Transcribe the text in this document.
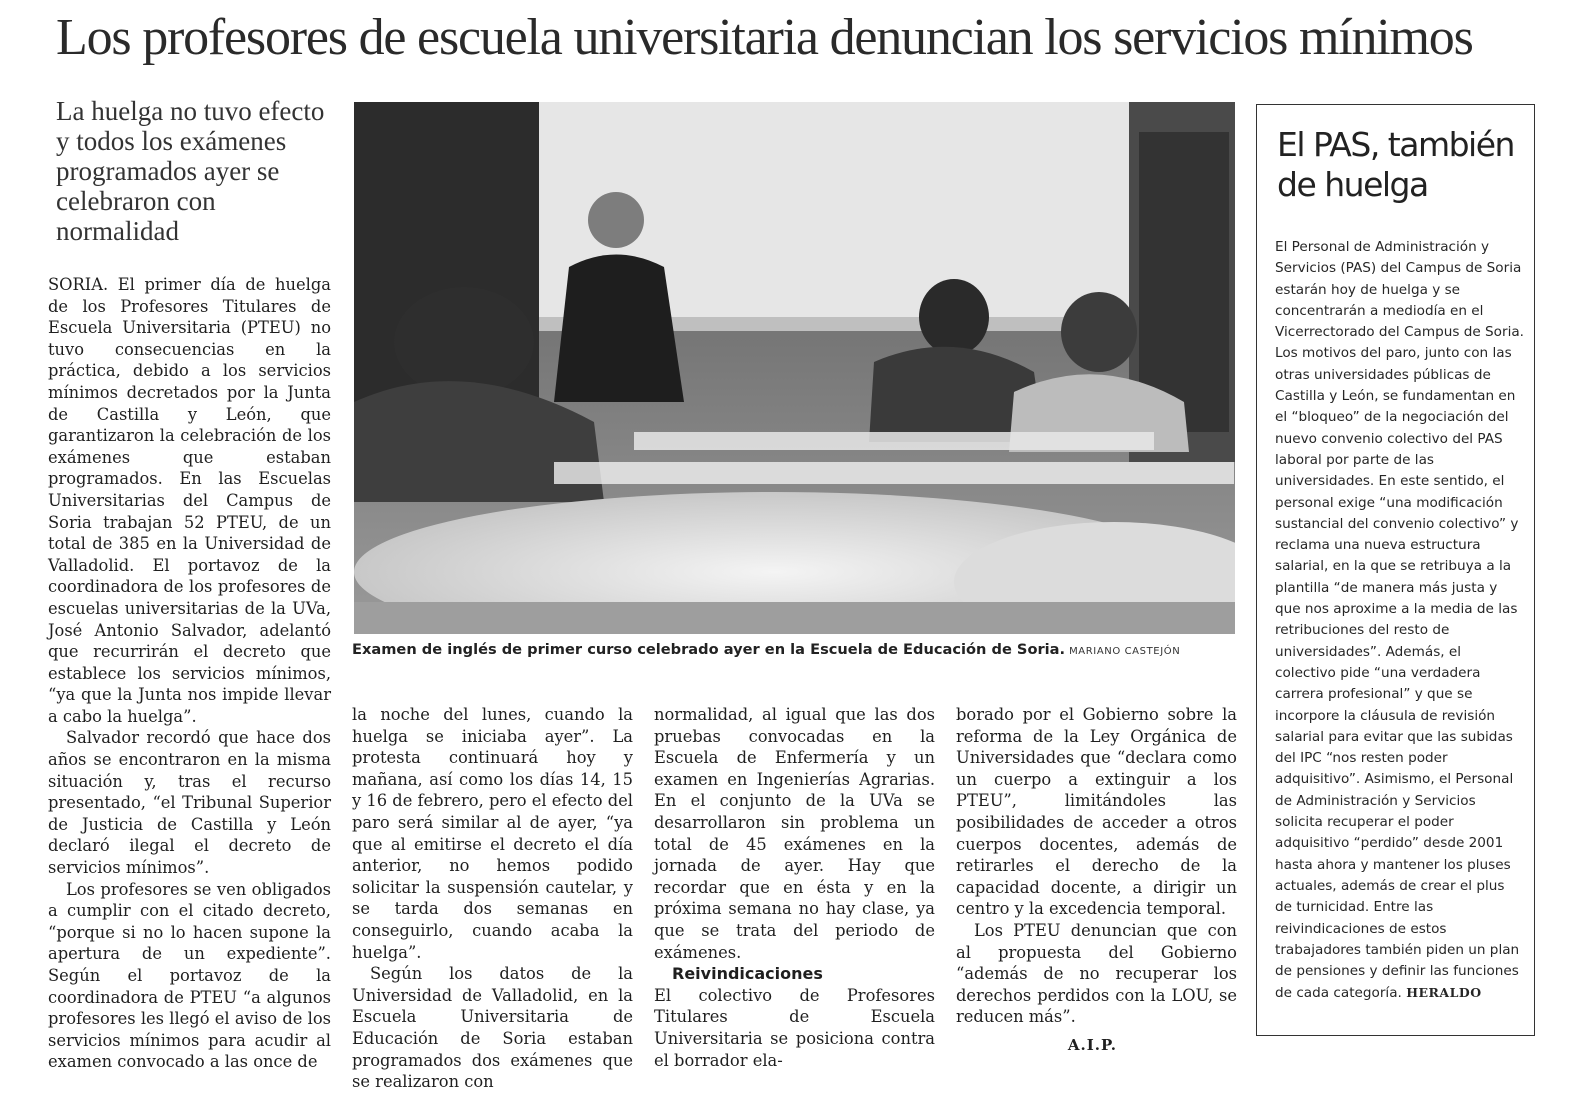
Los profesores de escuela universitaria denuncian los servicios mínimos
La huelga no tuvo efecto y todos los exámenes programados ayer se celebraron con normalidad
Examen de inglés de primer curso celebrado ayer en la Escuela de Educación de Soria. MARIANO CASTEJÓN

SORIA. El primer día de huelga de los Profesores Titulares de Escuela Universitaria (PTEU) no tuvo consecuencias en la práctica, debido a los servicios mínimos decretados por la Junta de Castilla y León, que garantizaron la celebración de los exámenes que estaban programados. En las Escuelas Universitarias del Campus de Soria trabajan 52 PTEU, de un total de 385 en la Universidad de Valladolid. El portavoz de la coordinadora de los profesores de escuelas universitarias de la UVa, José Antonio Salvador, adelantó que recurrirán el decreto que establece los servicios mínimos, “ya que la Junta nos impide llevar a cabo la huelga”.

Salvador recordó que hace dos años se encontraron en la misma situación y, tras el recurso presentado, “el Tribunal Superior de Justicia de Castilla y León declaró ilegal el decreto de servicios mínimos”.

Los profesores se ven obligados a cumplir con el citado decreto, “porque si no lo hacen supone la apertura de un expediente”. Según el portavoz de la coordinadora de PTEU “a algunos profesores les llegó el aviso de los servicios mínimos para acudir al examen convocado a las once de

la noche del lunes, cuando la huelga se iniciaba ayer”. La protesta continuará hoy y mañana, así como los días 14, 15 y 16 de febrero, pero el efecto del paro será similar al de ayer, “ya que al emitirse el decreto el día anterior, no hemos podido solicitar la suspensión cautelar, y se tarda dos semanas en conseguirlo, cuando acaba la huelga”.

Según los datos de la Universidad de Valladolid, en la Escuela Universitaria de Educación de Soria estaban programados dos exámenes que se realizaron con

normalidad, al igual que las dos pruebas convocadas en la Escuela de Enfermería y un examen en Ingenierías Agrarias. En el conjunto de la UVa se desarrollaron sin problema un total de 45 exámenes en la jornada de ayer. Hay que recordar que en ésta y en la próxima semana no hay clase, ya que se trata del periodo de exámenes.

Reivindicaciones

El colectivo de Profesores Titulares de Escuela Universitaria se posiciona contra el borrador ela-

borado por el Gobierno sobre la reforma de la Ley Orgánica de Universidades que “declara como un cuerpo a extinguir a los PTEU”, limitándoles las posibilidades de acceder a otros cuerpos docentes, además de retirarles el derecho de la capacidad docente, a dirigir un centro y la excedencia temporal.

Los PTEU denuncian que con al propuesta del Gobierno “además de no recuperar los derechos perdidos con la LOU, se reducen más”.

A.I.P.

El PAS, también de huelga

El Personal de Administración y Servicios (PAS) del Campus de Soria estarán hoy de huelga y se concentrarán a mediodía en el Vicerrectorado del Campus de Soria. Los motivos del paro, junto con las otras universidades públicas de Castilla y León, se fundamentan en el “bloqueo” de la negociación del nuevo convenio colectivo del PAS laboral por parte de las universidades. En este sentido, el personal exige “una modificación sustancial del convenio colectivo” y reclama una nueva estructura salarial, en la que se retribuya a la plantilla “de manera más justa y que nos aproxime a la media de las retribuciones del resto de universidades”. Además, el colectivo pide “una verdadera carrera profesional” y que se incorpore la cláusula de revisión salarial para evitar que las subidas del IPC “nos resten poder adquisitivo”. Asimismo, el Personal de Administración y Servicios solicita recuperar el poder adquisitivo “perdido” desde 2001 hasta ahora y mantener los pluses actuales, además de crear el plus de turnicidad. Entre las reivindicaciones de estos trabajadores también piden un plan de pensiones y definir las funciones de cada categoría. HERALDO
